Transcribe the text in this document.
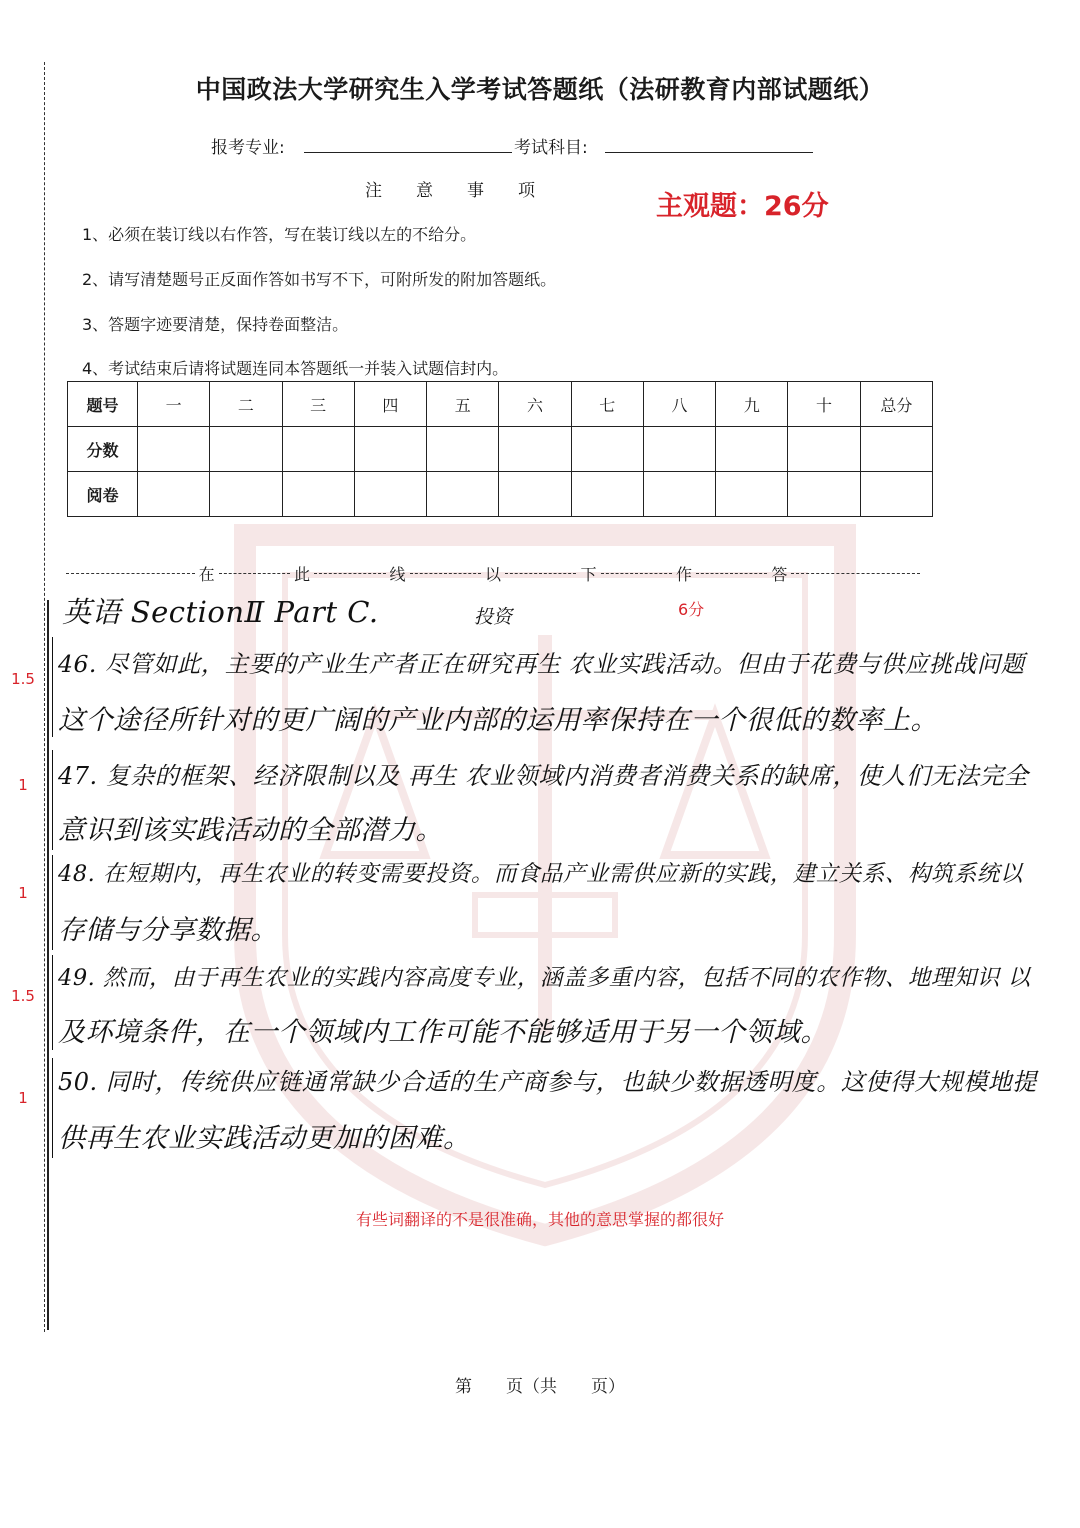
中国政法大学研究生入学考试答题纸（法研教育内部试题纸）
报考专业:	考试科目:
注意事项	主观题：26分
1、必须在装订线以右作答，写在装订线以左的不给分。
2、请写清楚题号正反面作答如书写不下，可附所发的附加答题纸。
3、答题字迹要清楚，保持卷面整洁。
4、考试结束后请将试题连同本答题纸一并装入试题信封内。
题号	一	二	三	四	五	六	七	八	九	十	总分
分数											
阅卷											
在	此	线	以	下	作	答
英语 SectionⅡ Part C.	6分
投资
46. 尽管如此，主要的产业生产者正在研究再生 农业实践活动。但由于花费与供应挑战问题
这个途径所针对的更广阔的产业内部的运用率保持在一个很低的数率上。
47. 复杂的框架、经济限制以及 再生 农业领域内消费者消费关系的缺席，使人们无法完全
意识到该实践活动的全部潜力。
48. 在短期内，再生农业的转变需要投资。而食品产业需供应新的实践，建立关系、构筑系统以
存储与分享数据。
49. 然而，由于再生农业的实践内容高度专业，涵盖多重内容，包括不同的农作物、地理知识 以
及环境条件，在一个领域内工作可能不能够适用于另一个领域。
50. 同时，传统供应链通常缺少合适的生产商参与，也缺少数据透明度。这使得大规模地提
供再生农业实践活动更加的困难。
1.5
1
1
1.5
1
有些词翻译的不是很准确，其他的意思掌握的都很好
第　　页（共　　页）
